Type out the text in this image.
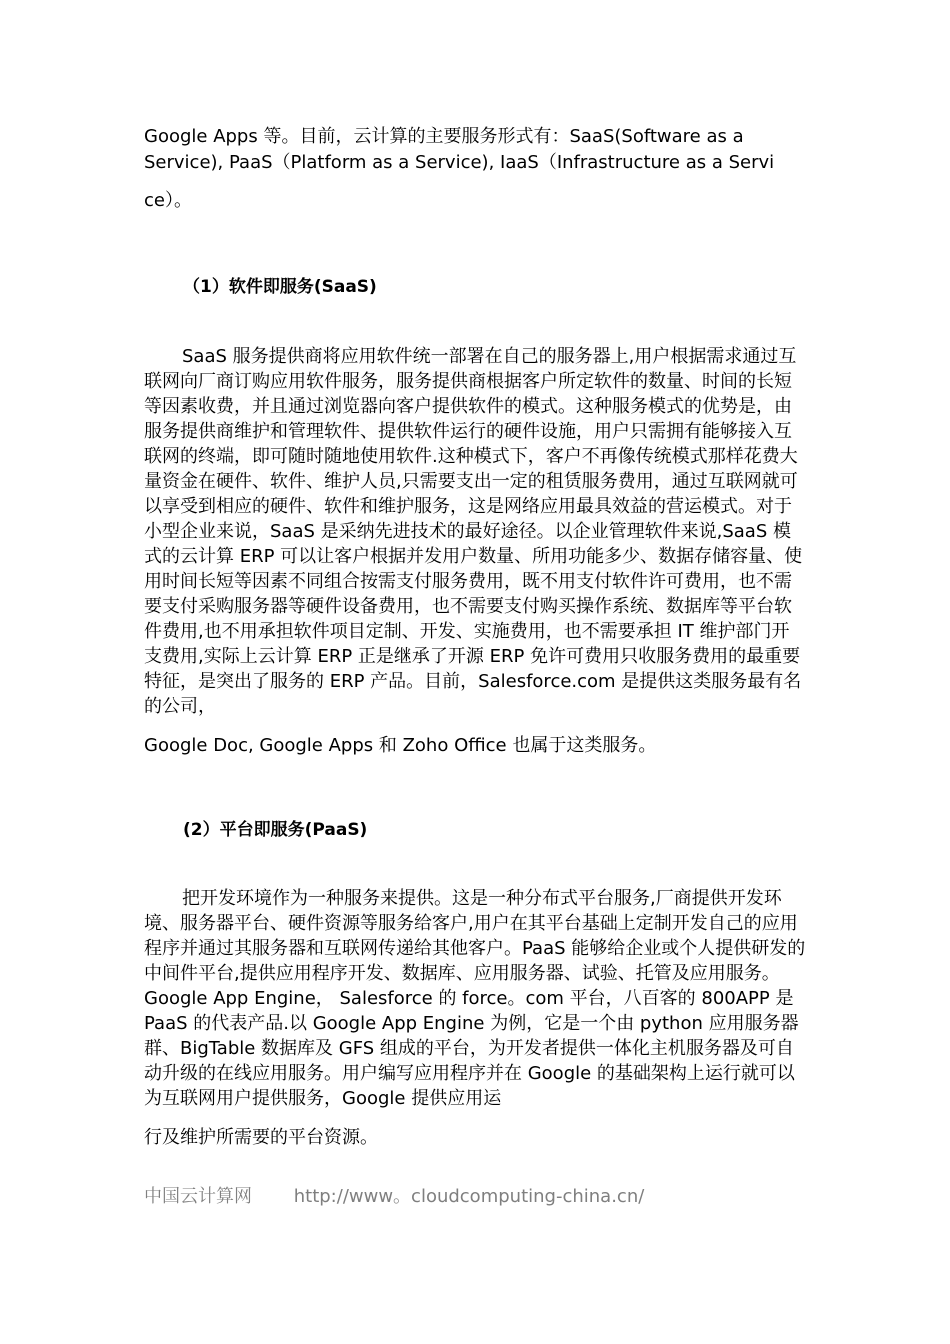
Google Apps 等。目前，云计算的主要服务形式有：SaaS(Software as a Service), PaaS（Platform as a Service), IaaS（Infrastructure as a Servi
ce）。

（1）软件即服务(SaaS)

SaaS 服务提供商将应用软件统一部署在自己的服务器上,用户根据需求通过互联网向厂商订购应用软件服务，服务提供商根据客户所定软件的数量、时间的长短等因素收费，并且通过浏览器向客户提供软件的模式。这种服务模式的优势是，由服务提供商维护和管理软件、提供软件运行的硬件设施，用户只需拥有能够接入互联网的终端，即可随时随地使用软件.这种模式下，客户不再像传统模式那样花费大量资金在硬件、软件、维护人员,只需要支出一定的租赁服务费用，通过互联网就可以享受到相应的硬件、软件和维护服务，这是网络应用最具效益的营运模式。对于小型企业来说，SaaS 是采纳先进技术的最好途径。以企业管理软件来说,SaaS 模式的云计算 ERP 可以让客户根据并发用户数量、所用功能多少、数据存储容量、使用时间长短等因素不同组合按需支付服务费用，既不用支付软件许可费用，也不需要支付采购服务器等硬件设备费用，也不需要支付购买操作系统、数据库等平台软件费用,也不用承担软件项目定制、开发、实施费用，也不需要承担 IT 维护部门开支费用,实际上云计算 ERP 正是继承了开源 ERP 免许可费用只收服务费用的最重要特征，是突出了服务的 ERP 产品。目前，Salesforce.com 是提供这类服务最有名的公司，
Google Doc, Google Apps 和 Zoho Office 也属于这类服务。

(2）平台即服务(PaaS)

把开发环境作为一种服务来提供。这是一种分布式平台服务,厂商提供开发环境、服务器平台、硬件资源等服务给客户,用户在其平台基础上定制开发自己的应用程序并通过其服务器和互联网传递给其他客户。PaaS 能够给企业或个人提供研发的中间件平台,提供应用程序开发、数据库、应用服务器、试验、托管及应用服务。Google App Engine， Salesforce 的 force。com 平台，八百客的 800APP 是 PaaS 的代表产品.以 Google App Engine 为例，它是一个由 python 应用服务器群、BigTable 数据库及 GFS 组成的平台，为开发者提供一体化主机服务器及可自动升级的在线应用服务。用户编写应用程序并在 Google 的基础架构上运行就可以为互联网用户提供服务，Google 提供应用运
行及维护所需要的平台资源。

中国云计算网 http://www。cloudcomputing-china.cn/
